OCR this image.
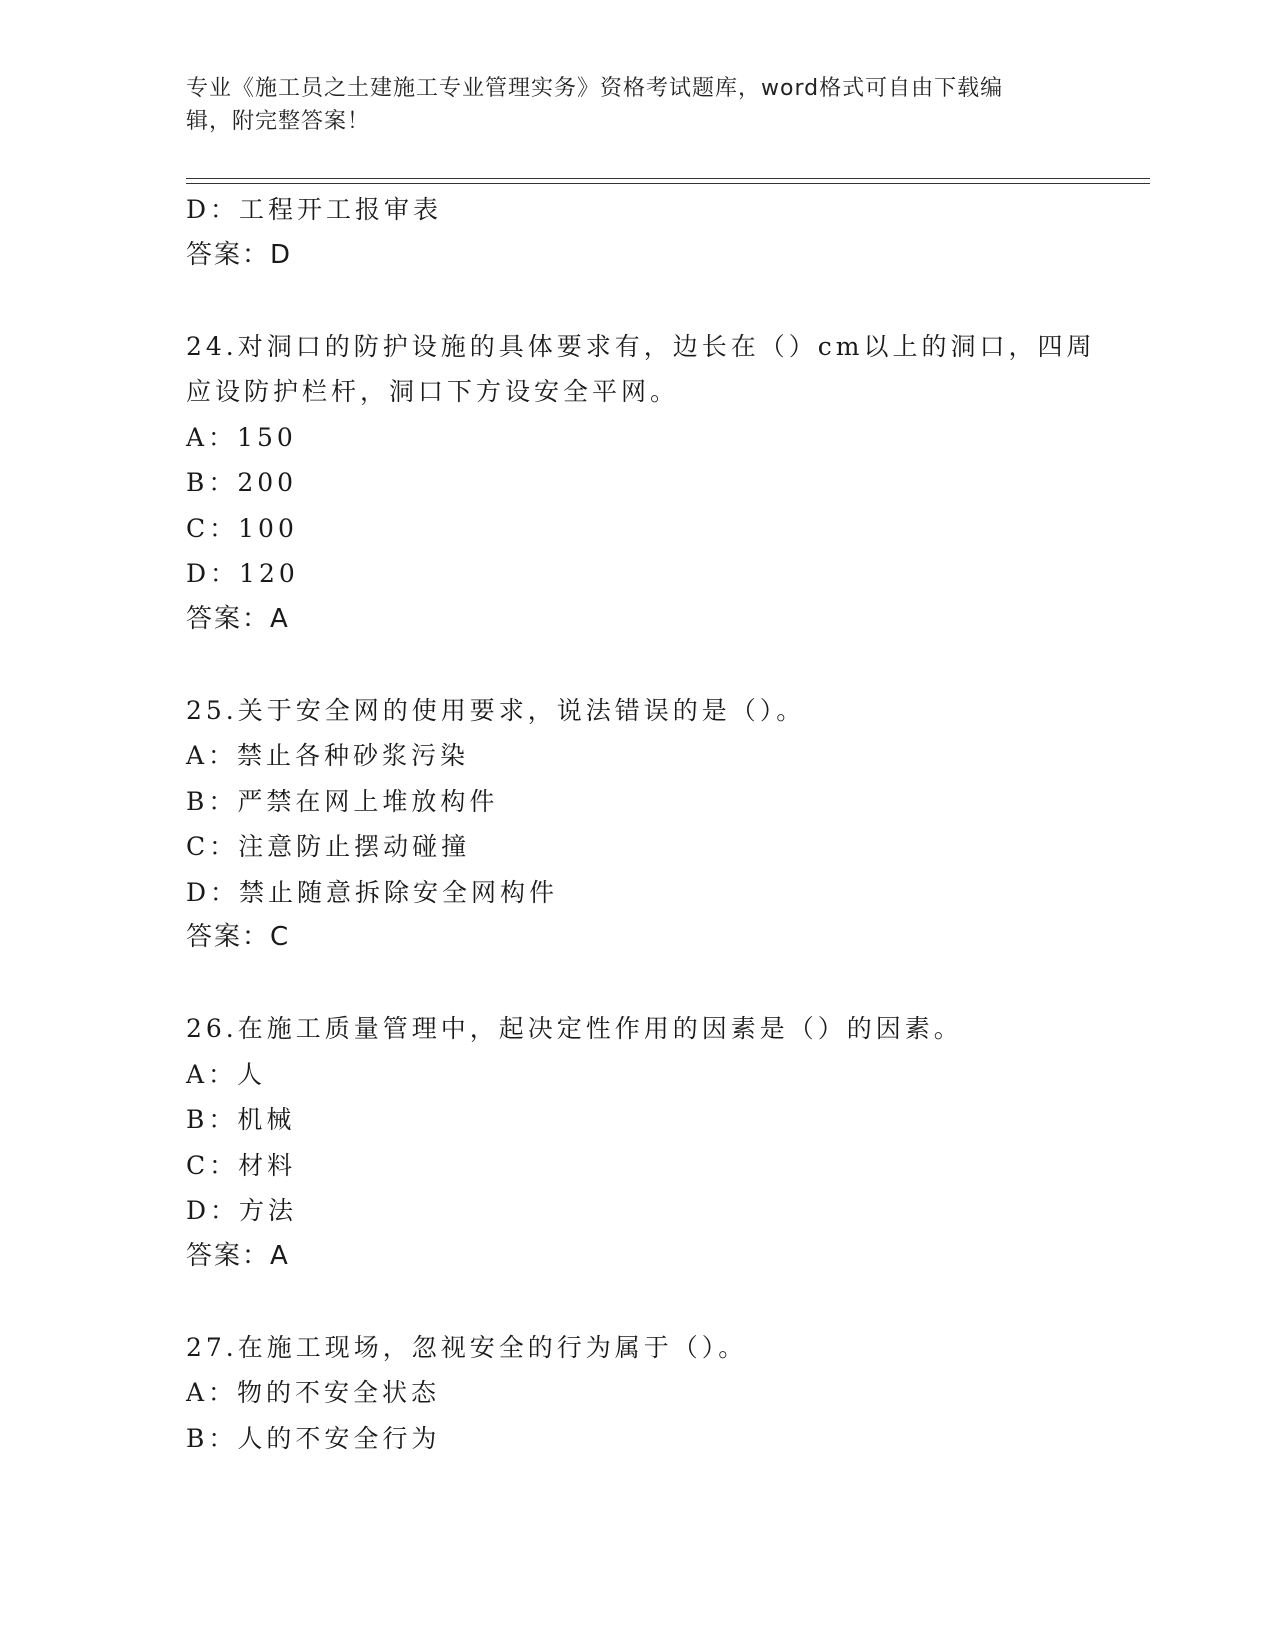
专业《施工员之土建施工专业管理实务》资格考试题库，word格式可自由下载编
辑，附完整答案！
D：工程开工报审表
答案：D
24.对洞口的防护设施的具体要求有，边长在（）cm以上的洞口，四周
应设防护栏杆，洞口下方设安全平网。
A：150
B：200
C：100
D：120
答案：A
25.关于安全网的使用要求，说法错误的是（）。
A：禁止各种砂浆污染
B：严禁在网上堆放构件
C：注意防止摆动碰撞
D：禁止随意拆除安全网构件
答案：C
26.在施工质量管理中，起决定性作用的因素是（）的因素。
A：人
B：机械
C：材料
D：方法
答案：A
27.在施工现场，忽视安全的行为属于（）。
A：物的不安全状态
B：人的不安全行为
